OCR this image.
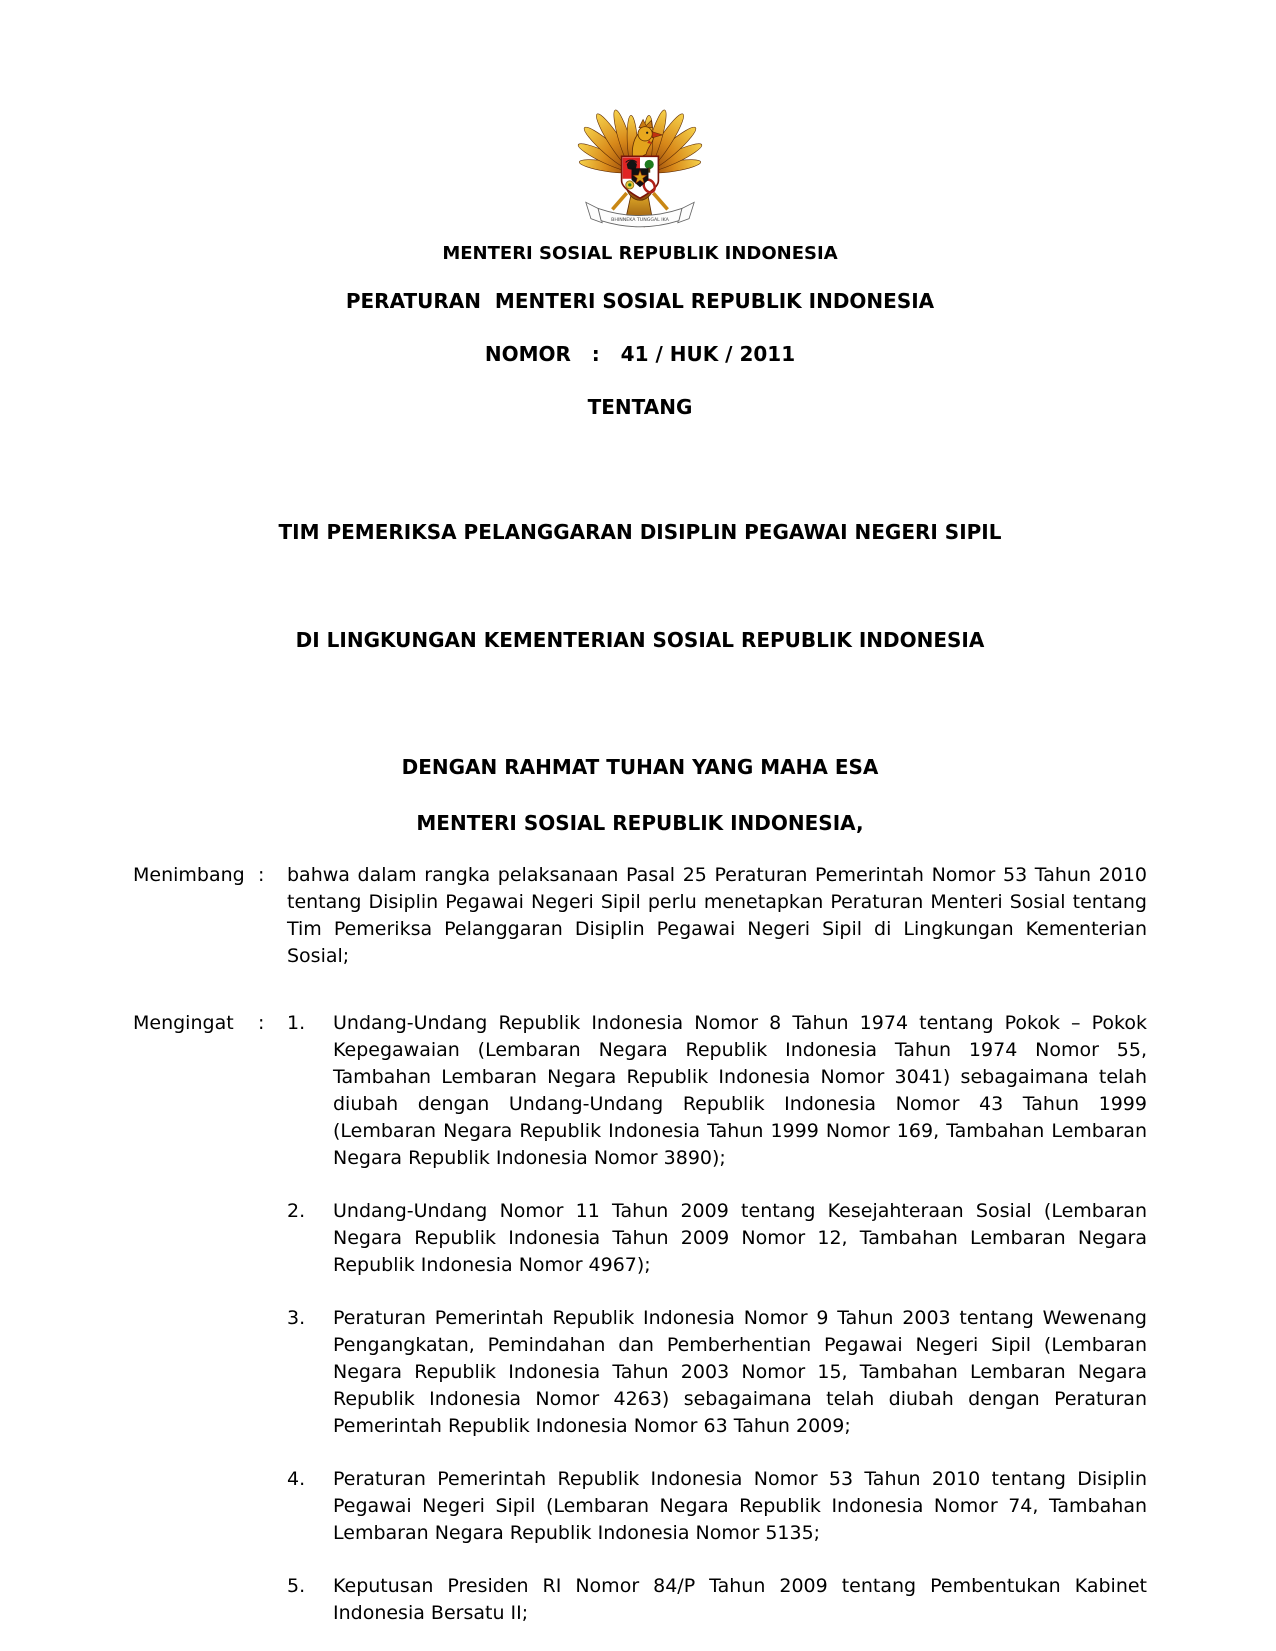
BHINNEKA TUNGGAL IKA
MENTERI SOSIAL REPUBLIK INDONESIA
PERATURAN  MENTERI SOSIAL REPUBLIK INDONESIA
NOMOR   :   41 / HUK / 2011
TENTANG

TIM PEMERIKSA PELANGGARAN DISIPLIN PEGAWAI NEGERI SIPIL

DI LINGKUNGAN KEMENTERIAN SOSIAL REPUBLIK INDONESIA

DENGAN RAHMAT TUHAN YANG MAHA ESA
MENTERI SOSIAL REPUBLIK INDONESIA,
Menimbang :	bahwa dalam rangka pelaksanaan Pasal 25 Peraturan Pemerintah Nomor 53 Tahun 2010 tentang Disiplin Pegawai Negeri Sipil perlu menetapkan Peraturan Menteri Sosial tentang Tim Pemeriksa Pelanggaran Disiplin Pegawai Negeri Sipil di Lingkungan Kementerian Sosial;
Mengingat	:	1.	Undang-Undang Republik Indonesia Nomor 8 Tahun 1974 tentang Pokok – Pokok Kepegawaian (Lembaran Negara Republik Indonesia Tahun 1974 Nomor 55, Tambahan Lembaran Negara Republik Indonesia Nomor 3041) sebagaimana telah diubah dengan Undang-Undang Republik Indonesia Nomor 43 Tahun 1999 (Lembaran Negara Republik Indonesia Tahun 1999 Nomor 169, Tambahan Lembaran Negara Republik Indonesia Nomor 3890);
2.	Undang-Undang Nomor 11 Tahun 2009 tentang Kesejahteraan Sosial (Lembaran Negara Republik Indonesia Tahun 2009 Nomor 12, Tambahan Lembaran Negara Republik Indonesia Nomor 4967);
3.	Peraturan Pemerintah Republik Indonesia Nomor 9 Tahun 2003 tentang Wewenang Pengangkatan, Pemindahan dan Pemberhentian Pegawai Negeri Sipil (Lembaran Negara Republik Indonesia Tahun 2003 Nomor 15, Tambahan Lembaran Negara Republik Indonesia Nomor 4263) sebagaimana telah diubah dengan Peraturan Pemerintah Republik Indonesia Nomor 63 Tahun 2009;
4.	Peraturan Pemerintah Republik Indonesia Nomor 53 Tahun 2010 tentang Disiplin Pegawai Negeri Sipil (Lembaran Negara Republik Indonesia Nomor 74, Tambahan Lembaran Negara Republik Indonesia Nomor 5135;
5.	Keputusan Presiden RI Nomor 84/P Tahun 2009 tentang Pembentukan Kabinet Indonesia Bersatu II;
